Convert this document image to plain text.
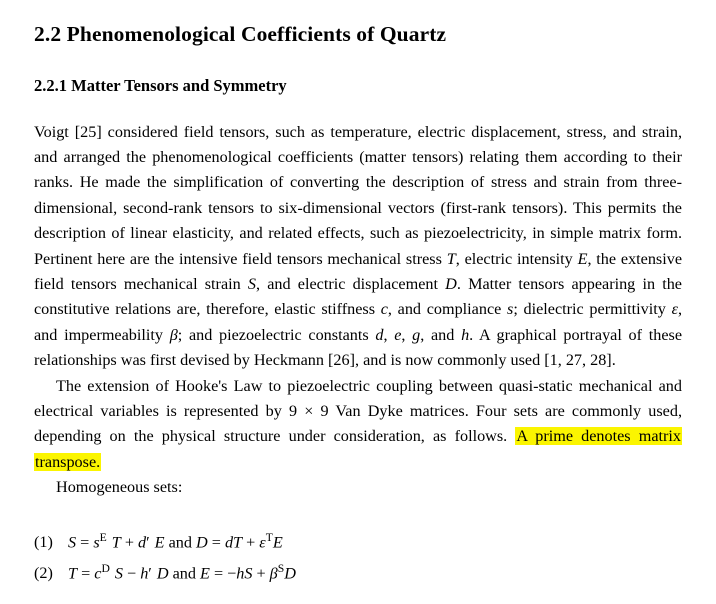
2.2 Phenomenological Coefficients of Quartz
2.2.1 Matter Tensors and Symmetry

Voigt [25] considered field tensors, such as temperature, electric displacement, stress, and strain, and arranged the phenomenological coefficients (matter tensors) relating them according to their ranks. He made the simplification of converting the description of stress and strain from three-dimensional, second-rank tensors to six-dimensional vectors (first-rank tensors). This permits the description of linear elasticity, and related effects, such as piezoelectricity, in simple matrix form. Pertinent here are the intensive field tensors mechanical stress T, electric intensity E, the extensive field tensors mechanical strain S, and electric displacement D. Matter tensors appearing in the constitutive relations are, therefore, elastic stiffness c, and compliance s; dielectric permittivity ε, and impermeability β; and piezoelectric constants d, e, g, and h. A graphical portrayal of these relationships was first devised by Heckmann [26], and is now commonly used [1, 27, 28].

The extension of Hooke's Law to piezoelectric coupling between quasi-static mechanical and electrical variables is represented by 9 × 9 Van Dyke matrices. Four sets are commonly used, depending on the physical structure under consideration, as follows. A prime denotes matrix transpose.

Homogeneous sets:

(1) $S = s^E$ T + d′ E and D = dT + $\varepsilon^TE$
(2) $T = c^D$ S − h′ D and $E = -hS + \beta^SD$
